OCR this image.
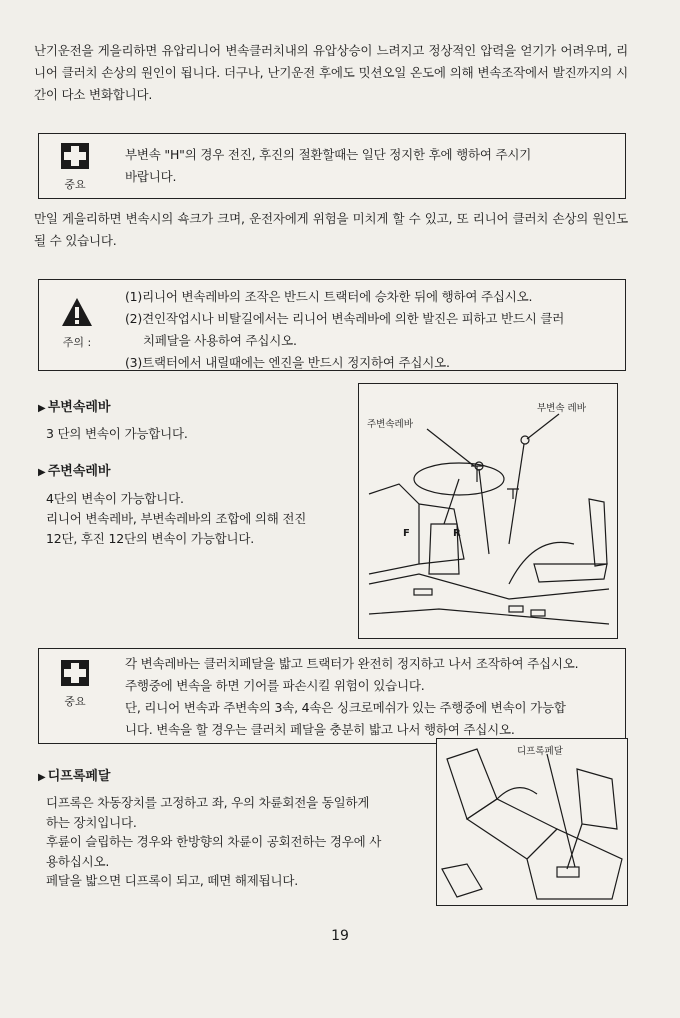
난기운전을 게을리하면 유압리니어 변속클러치내의 유압상승이 느려지고 정상적인 압력을 얻기가 어려우며, 리니어 클러치 손상의 원인이 됩니다. 더구나, 난기운전 후에도 밋션오일 온도에 의해 변속조작에서 발진까지의 시간이 다소 변화합니다.

중요

부변속 "H"의 경우 전진, 후진의 절환할때는 일단 정지한 후에 행하여 주시기

바랍니다.

만일 게을리하면 변속시의 쇽크가 크며, 운전자에게 위험을 미치게 할 수 있고, 또 리니어 클러치 손상의 원인도 될 수 있습니다.

주의 :

(1)리니어 변속레바의 조작은 반드시 트랙터에 승차한 뒤에 행하여 주십시오.

(2)견인작업시나 비탈길에서는 리니어 변속레바에 의한 발진은 피하고 반드시 클러

치페달을 사용하여 주십시오.

(3)트랙터에서 내릴때에는 엔진을 반드시 정지하여 주십시오.

▶ 부변속레바

3 단의 변속이 가능합니다.

▶ 주변속레바

4단의 변속이 가능합니다.

리니어 변속레바, 부변속레바의 조합에 의해 전진

12단, 후진 12단의 변속이 가능합니다.

부변속 레바
주변속레바
F	R
중요

각 변속레바는 클러치페달을 밟고 트랙터가 완전히 정지하고 나서 조작하여 주십시오.

주행중에 변속을 하면 기어를 파손시킬 위험이 있습니다.

단, 리니어 변속과 주변속의 3속, 4속은 싱크로메쉬가 있는 주행중에 변속이 가능합

니다. 변속을 할 경우는 클러치 페달을 충분히 밟고 나서 행하여 주십시오.

▶ 디프록페달

디프록은 차동장치를 고정하고 좌, 우의 차륜회전을 동일하게

하는 장치입니다.

후륜이 슬립하는 경우와 한방향의 차륜이 공회전하는 경우에 사

용하십시오.

페달을 밟으면 디프록이 되고, 떼면 해제됩니다.

디프록페달
19
